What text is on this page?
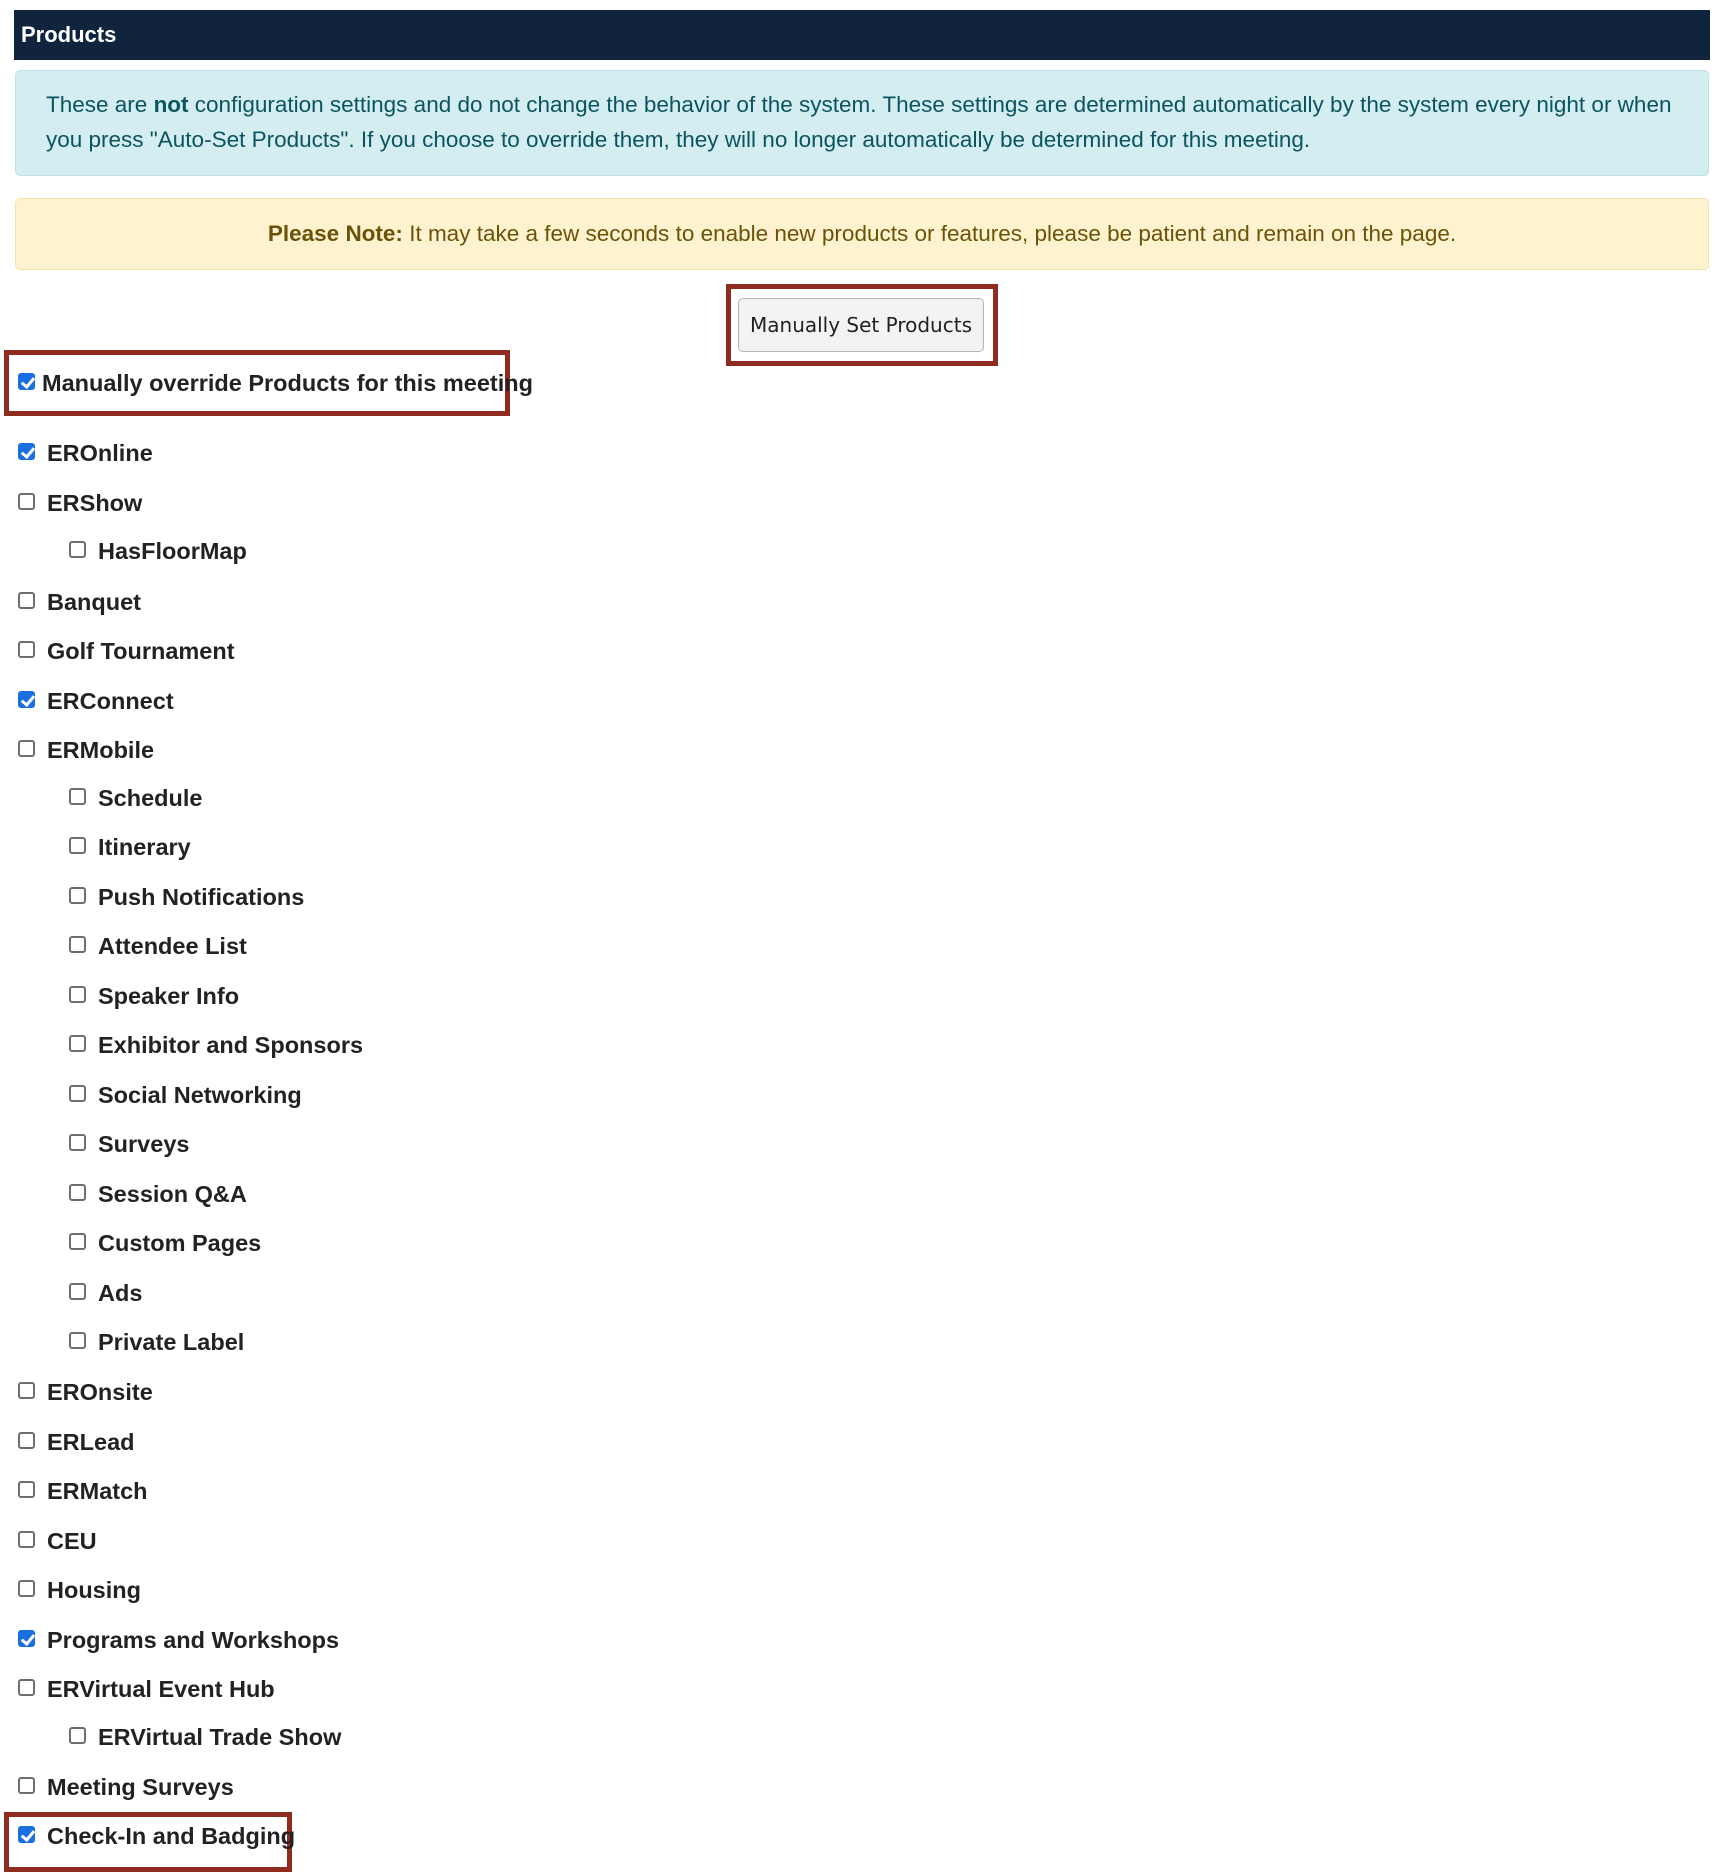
Products
These are not configuration settings and do not change the behavior of the system. These settings are determined automatically by the system every night or when
you press "Auto-Set Products". If you choose to override them, they will no longer automatically be determined for this meeting.
Please Note: It may take a few seconds to enable new products or features, please be patient and remain on the page.
Manually Set Products
Manually override Products for this meeting
EROnline
ERShow
HasFloorMap
Banquet
Golf Tournament
ERConnect
ERMobile
Schedule
Itinerary
Push Notifications
Attendee List
Speaker Info
Exhibitor and Sponsors
Social Networking
Surveys
Session Q&A
Custom Pages
Ads
Private Label
EROnsite
ERLead
ERMatch
CEU
Housing
Programs and Workshops
ERVirtual Event Hub
ERVirtual Trade Show
Meeting Surveys
Check-In and Badging
